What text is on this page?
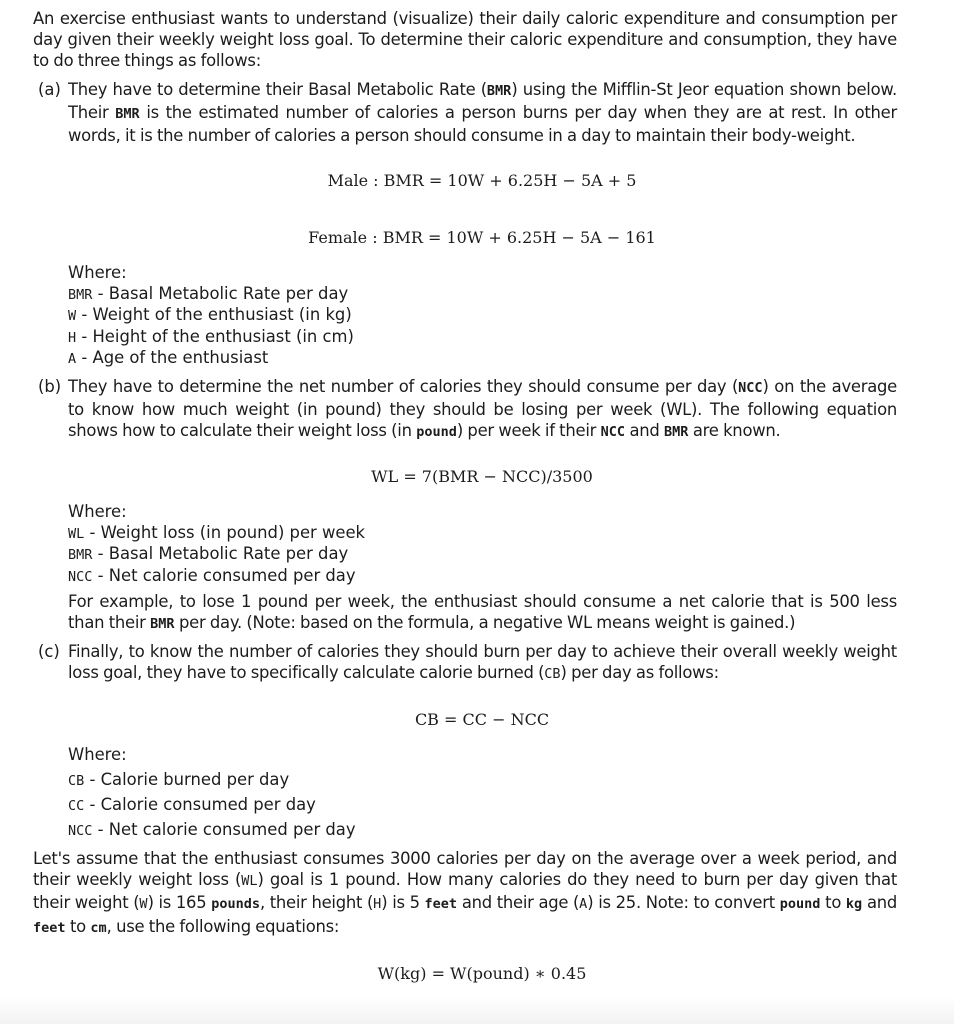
An exercise enthusiast wants to understand (visualize) their daily caloric expenditure and consumption per day given their weekly weight loss goal. To determine their caloric expenditure and consumption, they have to do three things as follows:
(a) They have to determine their Basal Metabolic Rate (BMR) using the Mifflin-St Jeor equation shown below. Their BMR is the estimated number of calories a person burns per day when they are at rest. In other words, it is the number of calories a person should consume in a day to maintain their body-weight.
Male : BMR = 10W + 6.25H − 5A + 5
Female : BMR = 10W + 6.25H − 5A − 161
Where:
BMR - Basal Metabolic Rate per day
W - Weight of the enthusiast (in kg)
H - Height of the enthusiast (in cm)
A - Age of the enthusiast
(b) They have to determine the net number of calories they should consume per day (NCC) on the average to know how much weight (in pound) they should be losing per week (WL). The following equation shows how to calculate their weight loss (in pound) per week if their NCC and BMR are known.
WL = 7(BMR − NCC)/3500
Where:
WL - Weight loss (in pound) per week
BMR - Basal Metabolic Rate per day
NCC - Net calorie consumed per day
For example, to lose 1 pound per week, the enthusiast should consume a net calorie that is 500 less than their BMR per day. (Note: based on the formula, a negative WL means weight is gained.)
(c) Finally, to know the number of calories they should burn per day to achieve their overall weekly weight loss goal, they have to specifically calculate calorie burned (CB) per day as follows:
CB = CC − NCC
Where:
CB - Calorie burned per day
CC - Calorie consumed per day
NCC - Net calorie consumed per day
Let's assume that the enthusiast consumes 3000 calories per day on the average over a week period, and their weekly weight loss (WL) goal is 1 pound. How many calories do they need to burn per day given that their weight (W) is 165 pounds, their height (H) is 5 feet and their age (A) is 25. Note: to convert pound to kg and feet to cm, use the following equations:
W(kg) = W(pound) ∗ 0.45
